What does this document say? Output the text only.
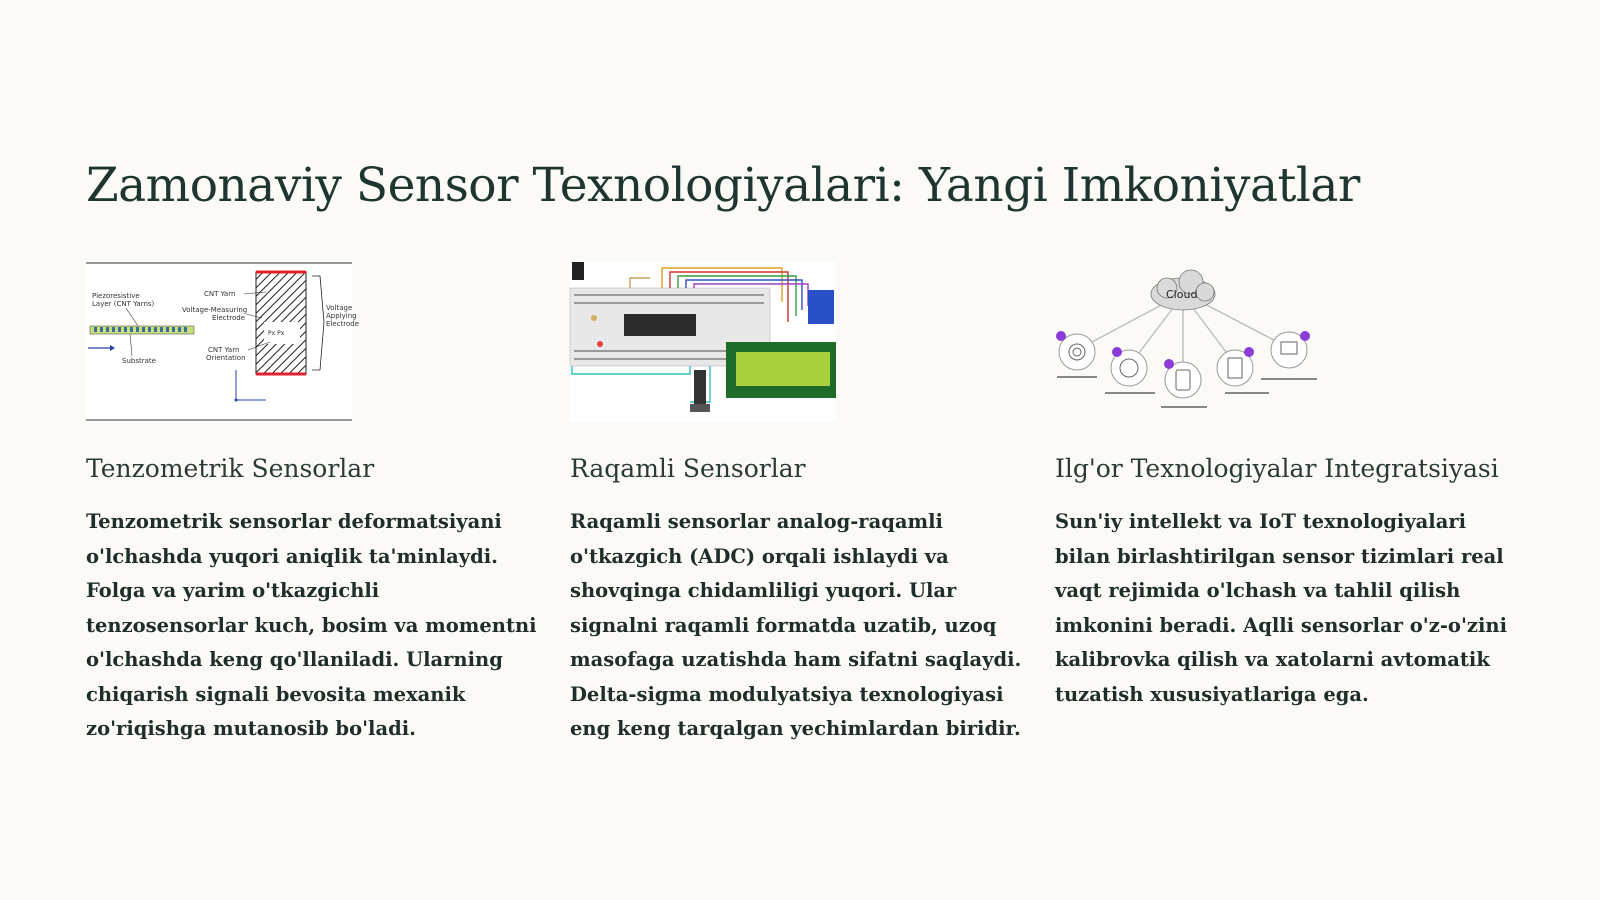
Zamonaviy Sensor Texnologiyalari: Yangi Imkoniyatlar
Px Px
Piezoresistive
Layer (CNT Yarns)
CNT Yarn
Voltage-Measuring
Electrode
Substrate
CNT Yarn
Orientation
Voltage
Applying
Electrode
Tenzometrik Sensorlar

Tenzometrik sensorlar deformatsiyani o'lchashda yuqori aniqlik ta'minlaydi. Folga va yarim o'tkazgichli tenzosensorlar kuch, bosim va momentni o'lchashda keng qo'llaniladi. Ularning chiqarish signali bevosita mexanik zo'riqishga mutanosib bo'ladi.

Raqamli Sensorlar

Raqamli sensorlar analog-raqamli o'tkazgich (ADC) orqali ishlaydi va shovqinga chidamliligi yuqori. Ular signalni raqamli formatda uzatib, uzoq masofaga uzatishda ham sifatni saqlaydi. Delta-sigma modulyatsiya texnologiyasi eng keng tarqalgan yechimlardan biridir.

Cloud
Ilg'or Texnologiyalar Integratsiyasi

Sun'iy intellekt va IoT texnologiyalari bilan birlashtirilgan sensor tizimlari real vaqt rejimida o'lchash va tahlil qilish imkonini beradi. Aqlli sensorlar o'z-o'zini kalibrovka qilish va xatolarni avtomatik tuzatish xususiyatlariga ega.
